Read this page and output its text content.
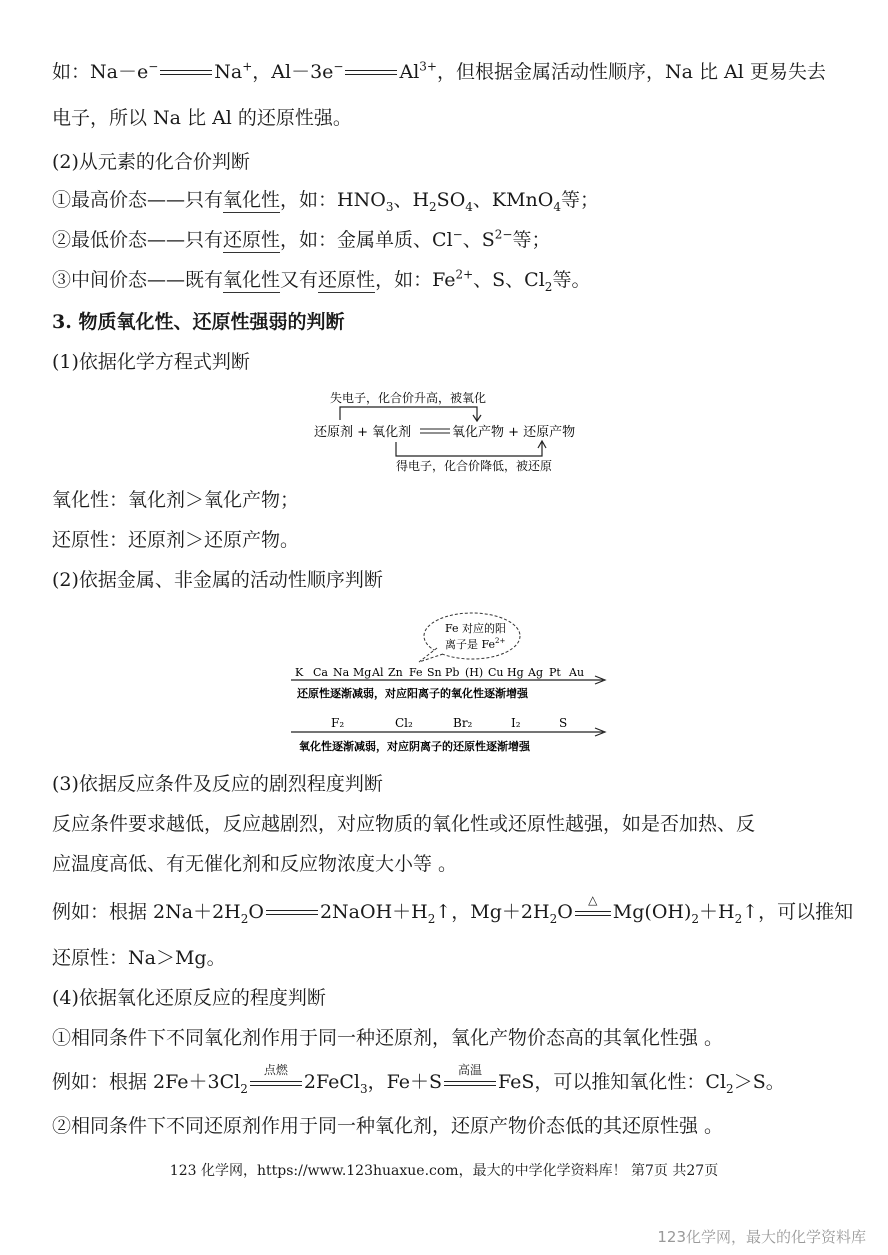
如：Na－e−	Na+，Al－3e−	$Al^{3+}$，但根据金属活动性顺序，Na 比 Al 更易失去
电子，所以 Na 比 Al 的还原性强。
(2)从元素的化合价判断
①最高价态——只有氧化性，如：$HNO_3$、$H_2SO_4$、KMnO$_4$等；
②最低价态——只有还原性，如：金属单质、Cl−、$S^{2-}$等；
③中间价态——既有氧化性又有还原性，如：$Fe^{2+}$、S、$Cl_2$等。
3. 物质氧化性、还原性强弱的判断
(1)依据化学方程式判断
失电子，化合价升高，被氧化
还原剂 + 氧化剂	氧化产物 + 还原产物
得电子，化合价降低，被还原
氧化性：氧化剂＞氧化产物；
还原性：还原剂＞还原产物。
(2)依据金属、非金属的活动性顺序判断
Fe 对应的阳
离子是 $Fe^{2+}$
K Ca Na Mg Al Zn Fe Sn Pb (H) Cu Hg Ag Pt Au
还原性逐渐减弱，对应阳离子的氧化性逐渐增强
F₂	Cl₂	Br₂	I₂	S
氧化性逐渐减弱，对应阴离子的还原性逐渐增强
(3)依据反应条件及反应的剧烈程度判断
反应条件要求越低，反应越剧烈，对应物质的氧化性或还原性越强，如是否加热、反
应温度高低、有无催化剂和反应物浓度大小等 。
例如：根据 $2Na+2H_2O$	$2NaOH+H_2↑$，$Mg+2H_2O$
△
$Mg(OH)_2+H_2↑$，可以推知
还原性：Na＞Mg。
(4)依据氧化还原反应的程度判断
①相同条件下不同氧化剂作用于同一种还原剂，氧化产物价态高的其氧化性强 。
例如：根据 $2Fe+3Cl_2$
点燃
2FeCl$_3$，Fe＋S
高温
FeS，可以推知氧化性：$Cl_2>S$。
②相同条件下不同还原剂作用于同一种氧化剂，还原产物价态低的其还原性强 。
123 化学网，https://www.123huaxue.com，最大的中学化学资料库！ 第7页 共27页
123化学网，最大的化学资料库
